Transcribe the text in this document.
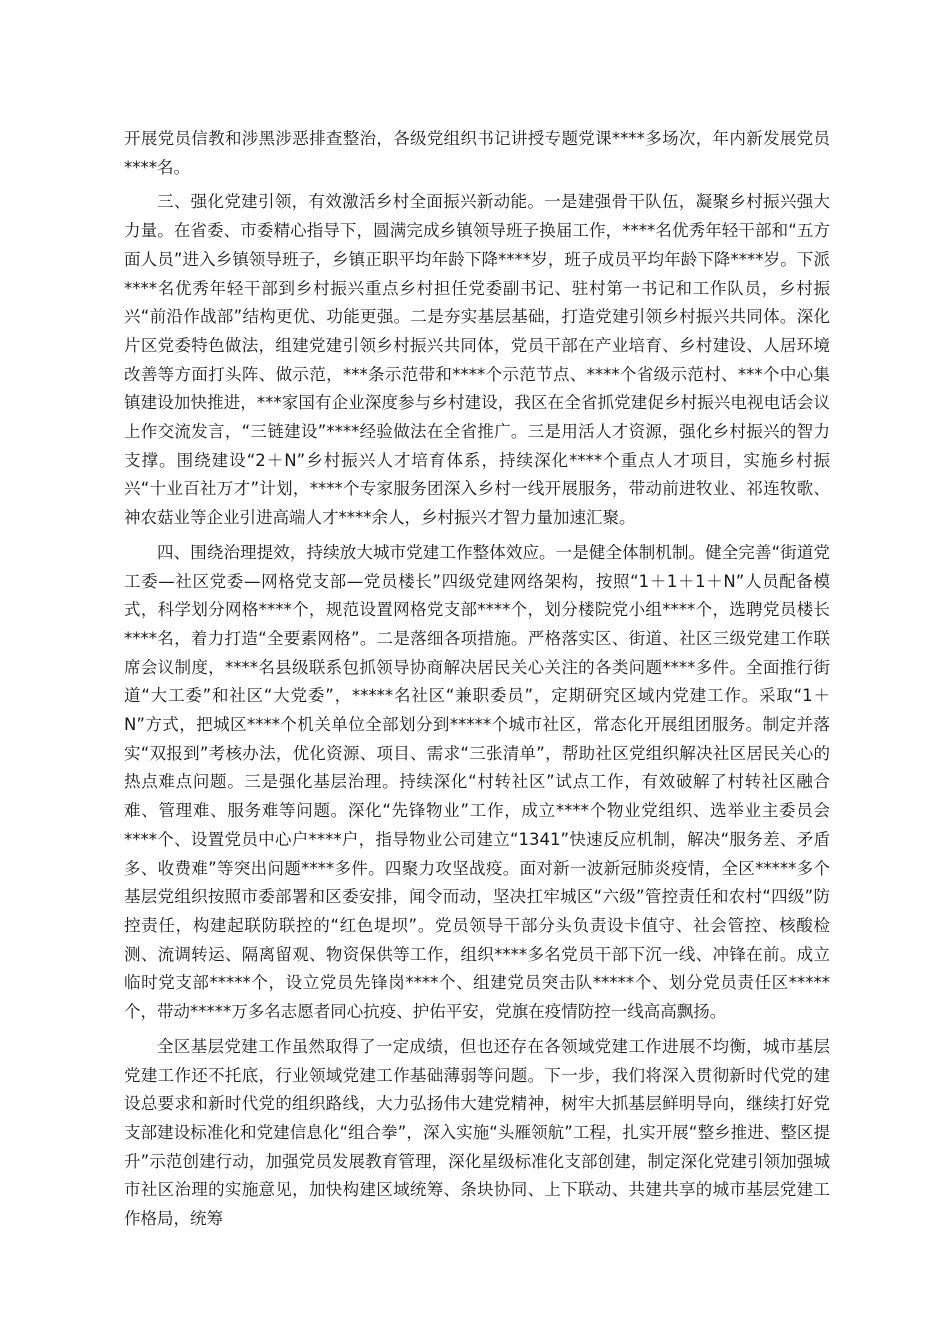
开展党员信教和涉黑涉恶排查整治，各级党组织书记讲授专题党课****多场次，年内新发展党员****名。

三、强化党建引领，有效激活乡村全面振兴新动能。一是建强骨干队伍，凝聚乡村振兴强大力量。在省委、市委精心指导下，圆满完成乡镇领导班子换届工作，****名优秀年轻干部和“五方面人员”进入乡镇领导班子，乡镇正职平均年龄下降****岁，班子成员平均年龄下降****岁。下派****名优秀年轻干部到乡村振兴重点乡村担任党委副书记、驻村第一书记和工作队员，乡村振兴“前沿作战部”结构更优、功能更强。二是夯实基层基础，打造党建引领乡村振兴共同体。深化片区党委特色做法，组建党建引领乡村振兴共同体，党员干部在产业培育、乡村建设、人居环境改善等方面打头阵、做示范，***条示范带和****个示范节点、****个省级示范村、***个中心集镇建设加快推进，***家国有企业深度参与乡村建设，我区在全省抓党建促乡村振兴电视电话会议上作交流发言，“三链建设”****经验做法在全省推广。三是用活人才资源，强化乡村振兴的智力支撑。围绕建设“2＋N”乡村振兴人才培育体系，持续深化****个重点人才项目，实施乡村振兴“十业百社万才”计划，****个专家服务团深入乡村一线开展服务，带动前进牧业、祁连牧歌、神农菇业等企业引进高端人才****余人，乡村振兴才智力量加速汇聚。

四、围绕治理提效，持续放大城市党建工作整体效应。一是健全体制机制。健全完善“街道党工委—社区党委—网格党支部—党员楼长”四级党建网络架构，按照“1＋1＋1＋N”人员配备模式，科学划分网格****个，规范设置网格党支部****个，划分楼院党小组****个，选聘党员楼长****名，着力打造“全要素网格”。二是落细各项措施。严格落实区、街道、社区三级党建工作联席会议制度，****名县级联系包抓领导协商解决居民关心关注的各类问题****多件。全面推行街道“大工委”和社区“大党委”，*****名社区“兼职委员”，定期研究区域内党建工作。采取“1＋N”方式，把城区****个机关单位全部划分到*****个城市社区，常态化开展组团服务。制定并落实“双报到”考核办法，优化资源、项目、需求“三张清单”，帮助社区党组织解决社区居民关心的热点难点问题。三是强化基层治理。持续深化“村转社区”试点工作，有效破解了村转社区融合难、管理难、服务难等问题。深化“先锋物业”工作，成立****个物业党组织、选举业主委员会****个、设置党员中心户****户，指导物业公司建立“1341”快速反应机制，解决“服务差、矛盾多、收费难”等突出问题****多件。四聚力攻坚战疫。面对新一波新冠肺炎疫情，全区*****多个基层党组织按照市委部署和区委安排，闻令而动，坚决扛牢城区“六级”管控责任和农村“四级”防控责任，构建起联防联控的“红色堤坝”。党员领导干部分头负责设卡值守、社会管控、核酸检测、流调转运、隔离留观、物资保供等工作，组织****多名党员干部下沉一线、冲锋在前。成立临时党支部*****个，设立党员先锋岗****个、组建党员突击队*****个、划分党员责任区*****个，带动*****万多名志愿者同心抗疫、护佑平安，党旗在疫情防控一线高高飘扬。

全区基层党建工作虽然取得了一定成绩，但也还存在各领域党建工作进展不均衡，城市基层党建工作还不托底，行业领域党建工作基础薄弱等问题。下一步，我们将深入贯彻新时代党的建设总要求和新时代党的组织路线，大力弘扬伟大建党精神，树牢大抓基层鲜明导向，继续打好党支部建设标准化和党建信息化“组合拳”，深入实施“头雁领航”工程，扎实开展“整乡推进、整区提升”示范创建行动，加强党员发展教育管理，深化星级标准化支部创建，制定深化党建引领加强城市社区治理的实施意见，加快构建区域统筹、条块协同、上下联动、共建共享的城市基层党建工作格局，统筹
